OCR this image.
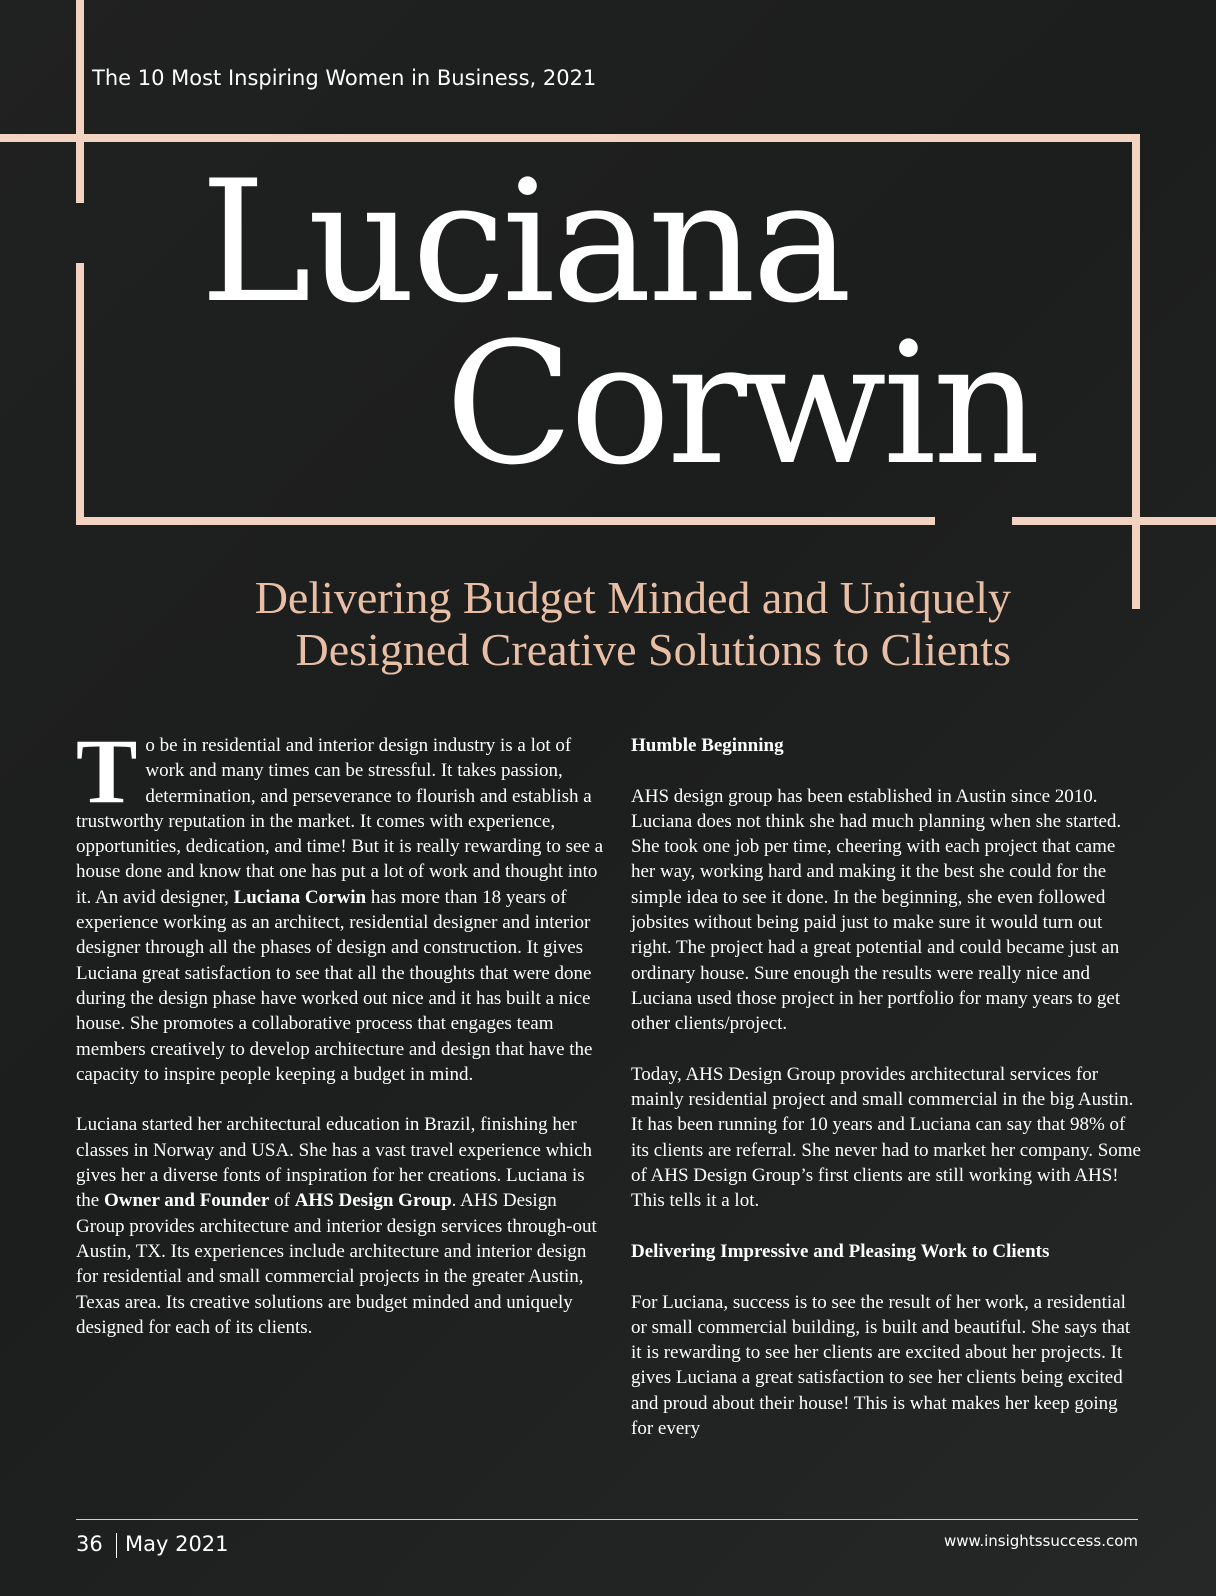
The 10 Most Inspiring Women in Business, 2021
Luciana
Corwin
Delivering Budget Minded and Uniquely
Designed Creative Solutions to Clients

To be in residential and interior design industry is a lot of work and many times can be stressful. It takes passion, determination, and perseverance to flourish and establish a trustworthy reputation in the market. It comes with experience, opportunities, dedication, and time! But it is really rewarding to see a house done and know that one has put a lot of work and thought into it. An avid designer, Luciana Corwin has more than 18 years of experience working as an architect, residential designer and interior designer through all the phases of design and construction. It gives Luciana great satisfaction to see that all the thoughts that were done during the design phase have worked out nice and it has built a nice house. She promotes a collaborative process that engages team members creatively to develop architecture and design that have the capacity to inspire people keeping a budget in mind.

Luciana started her architectural education in Brazil, finishing her classes in Norway and USA. She has a vast travel experience which gives her a diverse fonts of inspiration for her creations. Luciana is the Owner and Founder of AHS Design Group. AHS Design Group provides architecture and interior design services through-out Austin, TX. Its experiences include architecture and interior design for residential and small commercial projects in the greater Austin, Texas area. Its creative solutions are budget minded and uniquely designed for each of its clients.

Humble Beginning

AHS design group has been established in Austin since 2010. Luciana does not think she had much planning when she started. She took one job per time, cheering with each project that came her way, working hard and making it the best she could for the simple idea to see it done. In the beginning, she even followed jobsites without being paid just to make sure it would turn out right. The project had a great potential and could became just an ordinary house. Sure enough the results were really nice and Luciana used those project in her portfolio for many years to get other clients/project.

Today, AHS Design Group provides architectural services for mainly residential project and small commercial in the big Austin. It has been running for 10 years and Luciana can say that 98% of its clients are referral. She never had to market her company. Some of AHS Design Group’s first clients are still working with AHS! This tells it a lot.

Delivering Impressive and Pleasing Work to Clients

For Luciana, success is to see the result of her work, a residential or small commercial building, is built and beautiful. She says that it is rewarding to see her clients are excited about her projects. It gives Luciana a great satisfaction to see her clients being excited and proud about their house! This is what makes her keep going for every

36 May 2021	www.insightssuccess.com
